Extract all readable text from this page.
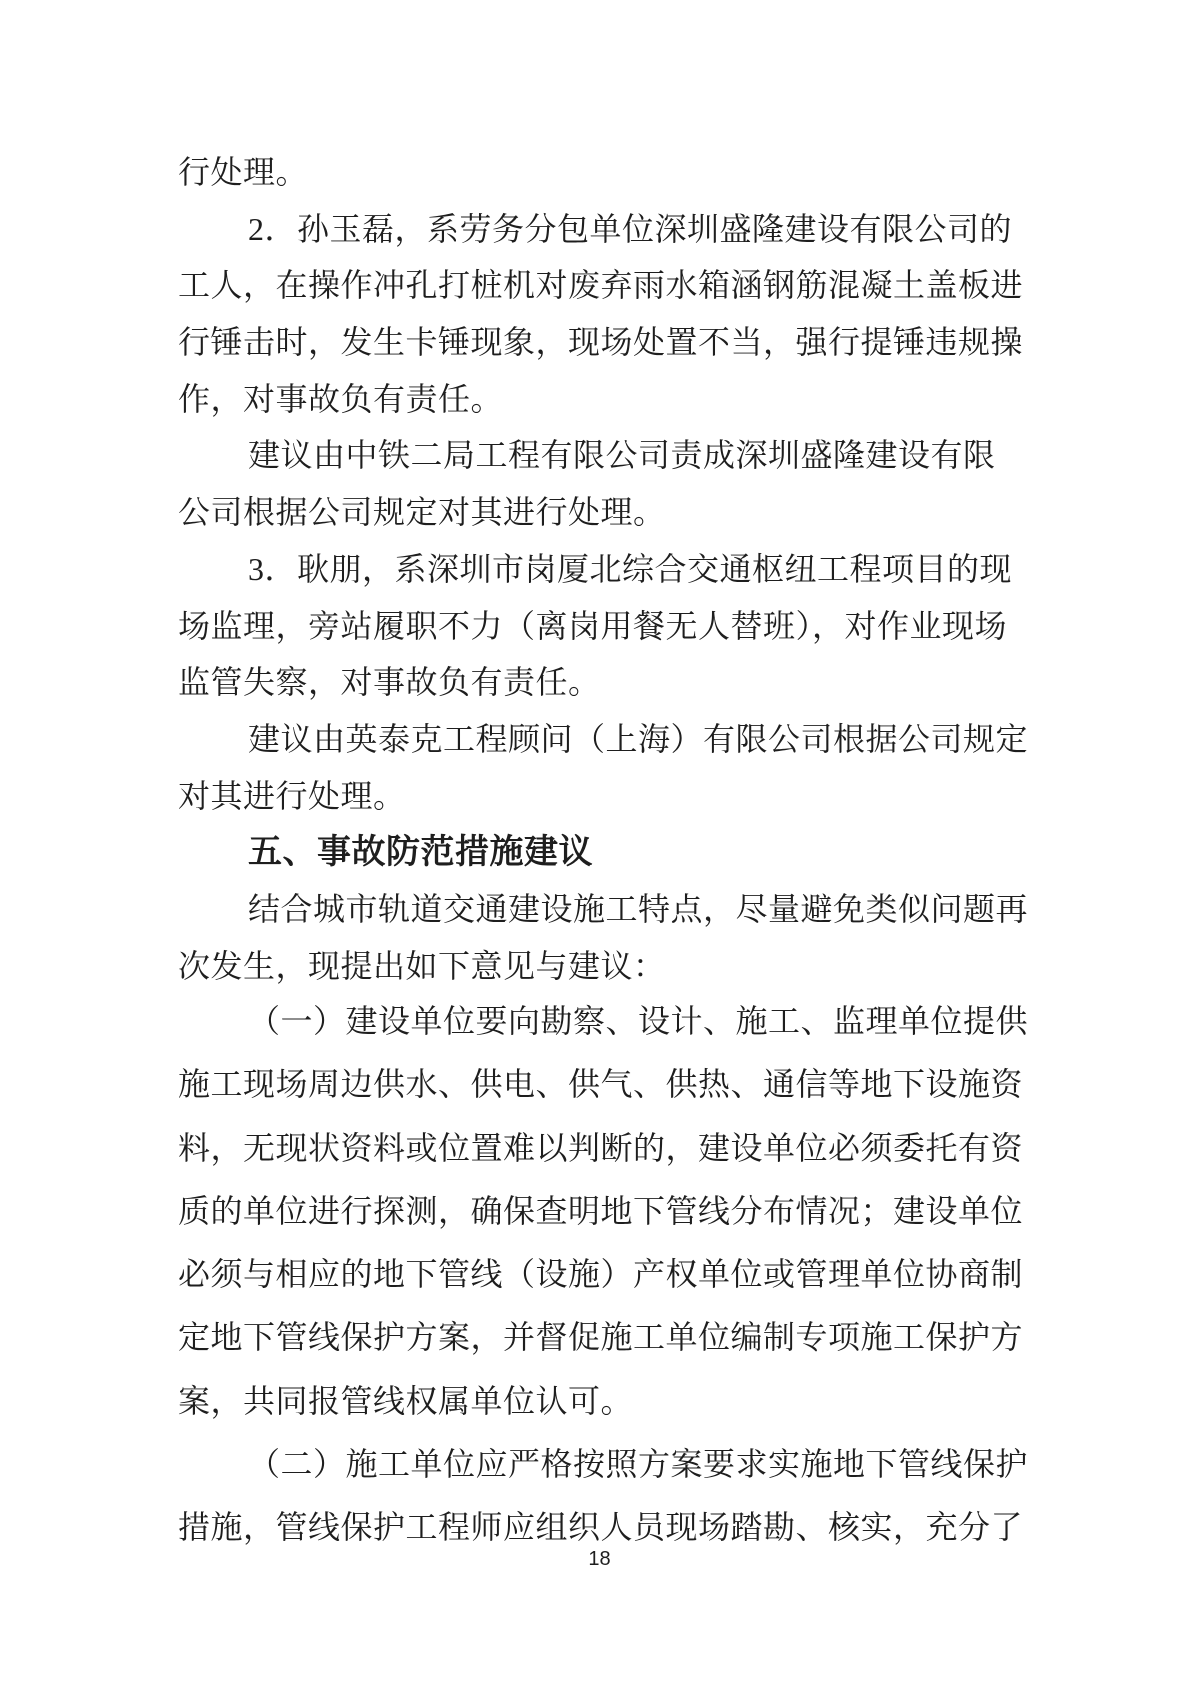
行处理。
2．孙玉磊，系劳务分包单位深圳盛隆建设有限公司的
工人，在操作冲孔打桩机对废弃雨水箱涵钢筋混凝土盖板进
行锤击时，发生卡锤现象，现场处置不当，强行提锤违规操
作，对事故负有责任。
建议由中铁二局工程有限公司责成深圳盛隆建设有限
公司根据公司规定对其进行处理。
3．耿朋，系深圳市岗厦北综合交通枢纽工程项目的现
场监理，旁站履职不力（离岗用餐无人替班），对作业现场
监管失察，对事故负有责任。
建议由英泰克工程顾问（上海）有限公司根据公司规定
对其进行处理。
五、事故防范措施建议
结合城市轨道交通建设施工特点，尽量避免类似问题再
次发生，现提出如下意见与建议：
（一）建设单位要向勘察、设计、施工、监理单位提供
施工现场周边供水、供电、供气、供热、通信等地下设施资
料，无现状资料或位置难以判断的，建设单位必须委托有资
质的单位进行探测，确保查明地下管线分布情况；建设单位
必须与相应的地下管线（设施）产权单位或管理单位协商制
定地下管线保护方案，并督促施工单位编制专项施工保护方
案，共同报管线权属单位认可。
（二）施工单位应严格按照方案要求实施地下管线保护
措施，管线保护工程师应组织人员现场踏勘、核实，充分了
18
